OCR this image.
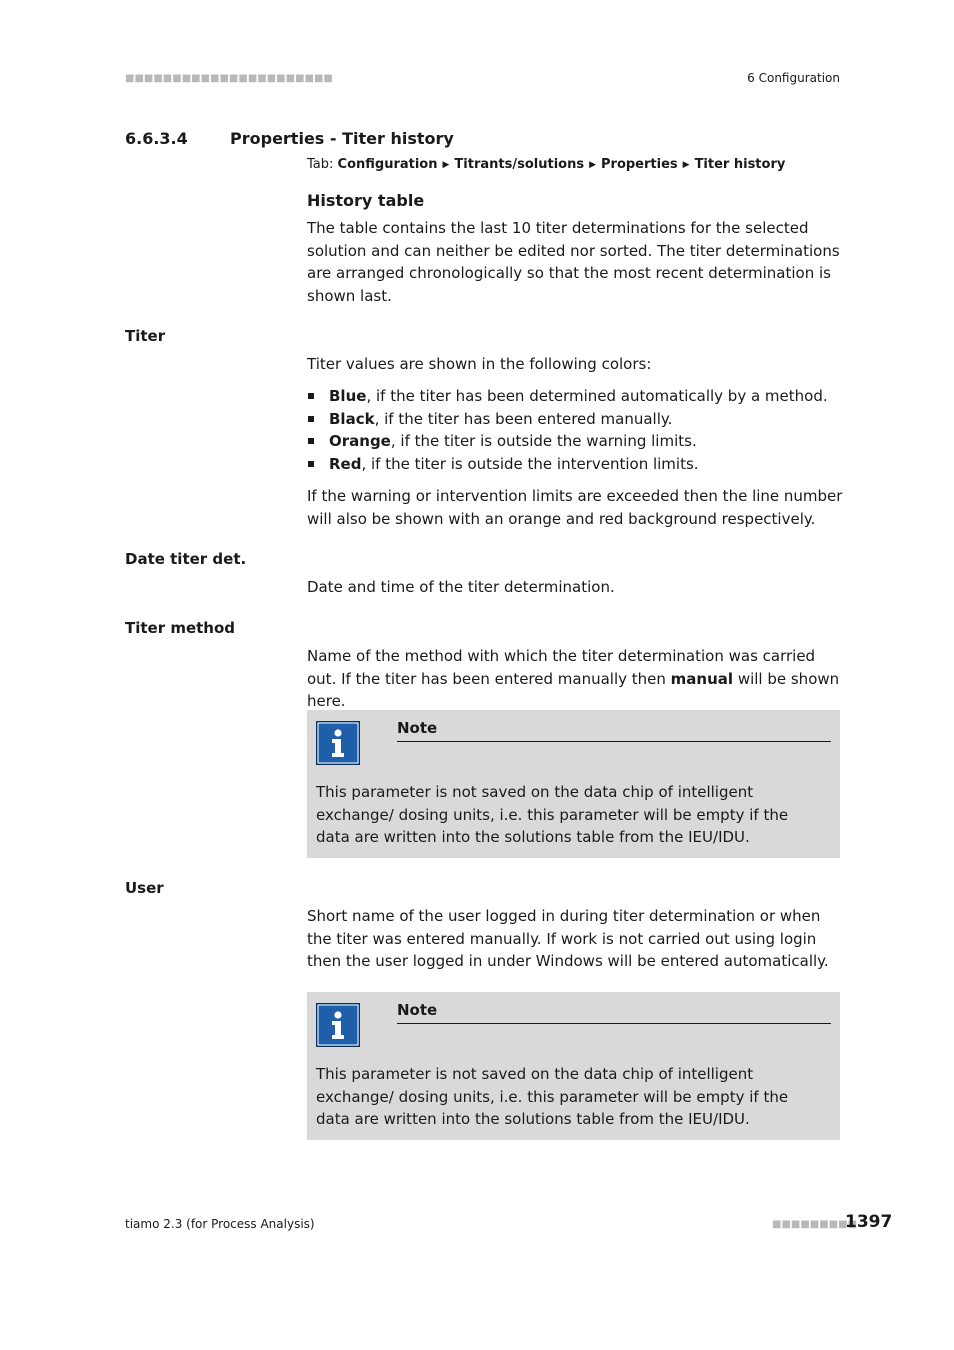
■■■■■■■■■■■■■■■■■■■■■■	6 Configuration
6.6.3.4	Properties - Titer history
Tab: Configuration ▶ Titrants/solutions ▶ Properties ▶ Titer history
History table
The table contains the last 10 titer determinations for the selected solution and can neither be edited nor sorted. The titer determinations are arranged chronologically so that the most recent determination is shown last.
Titer
Titer values are shown in the following colors:
Blue, if the titer has been determined automatically by a method.
Black, if the titer has been entered manually.
Orange, if the titer is outside the warning limits.
Red, if the titer is outside the intervention limits.
If the warning or intervention limits are exceeded then the line number will also be shown with an orange and red background respectively.
Date titer det.
Date and time of the titer determination.
Titer method
Name of the method with which the titer determination was carried out. If the titer has been entered manually then manual will be shown here.
Note
This parameter is not saved on the data chip of intelligent exchange/ dosing units, i.e. this parameter will be empty if the data are written into the solutions table from the IEU/IDU.
User
Short name of the user logged in during titer determination or when the titer was entered manually. If work is not carried out using login then the user logged in under Windows will be entered automatically.
Note
This parameter is not saved on the data chip of intelligent exchange/ dosing units, i.e. this parameter will be empty if the data are written into the solutions table from the IEU/IDU.
tiamo 2.3 (for Process Analysis)	■■■■■■■■■
1397
